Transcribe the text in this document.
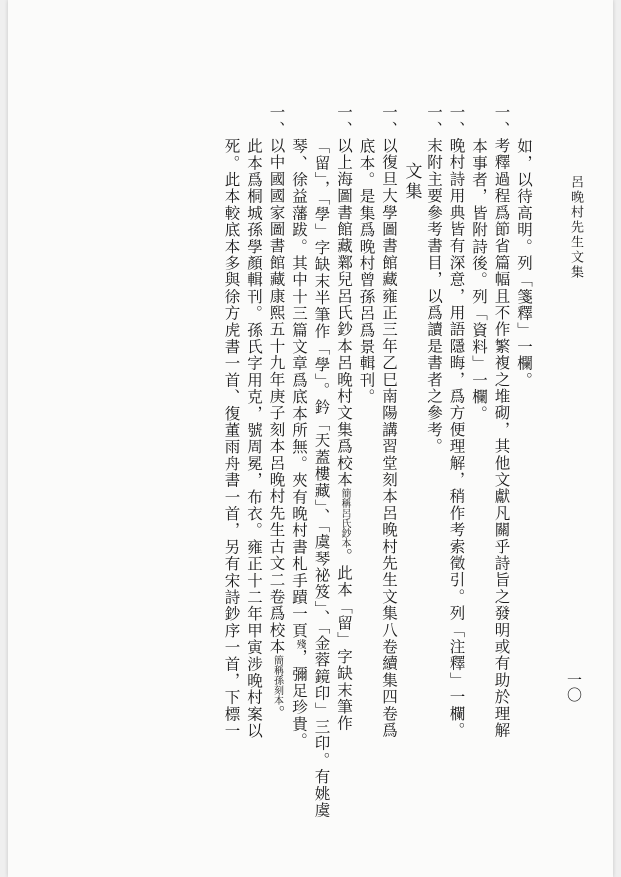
呂晚村先生文集
一〇

如，以待高明。列「箋釋」一欄。

一、考釋過程爲節省篇幅且不作繁複之堆砌，其他文獻凡關乎詩旨之發明或有助於理解

本事者，皆附詩後。列「資料」一欄。

一、晚村詩用典皆有深意，用語隱晦，爲方便理解，稍作考索徵引。列「注釋」一欄。

一、末附主要參考書目，以爲讀是書者之參考。

文集

一、以復旦大學圖書館藏雍正三年乙巳南陽講習堂刻本呂晚村先生文集八卷續集四卷爲

底本。是集爲晚村曾孫呂爲景輯刊。

一、以上海圖書館藏鄴兒呂氏鈔本呂晚村文集爲校本簡稱呂氏鈔本。此本「留」字缺末筆作

「留」，「學」字缺末半筆作「學」。鈐「天蓋樓藏」、「虞琴祕笈」、「金蓉鏡印」三印。有姚虞

琴、徐益藩跋。其中十三篇文章爲底本所無。夾有晚村書札手蹟一頁殘，彌足珍貴。

一、以中國國家圖書館藏康熙五十九年庚子刻本呂晚村先生古文二卷爲校本簡稱孫刻本。

此本爲桐城孫學顏輯刊。孫氏字用克，號周冕，布衣。雍正十二年甲寅涉晚村案以

死。此本較底本多與徐方虎書一首、復董雨舟書一首，另有宋詩鈔序一首，下標一
